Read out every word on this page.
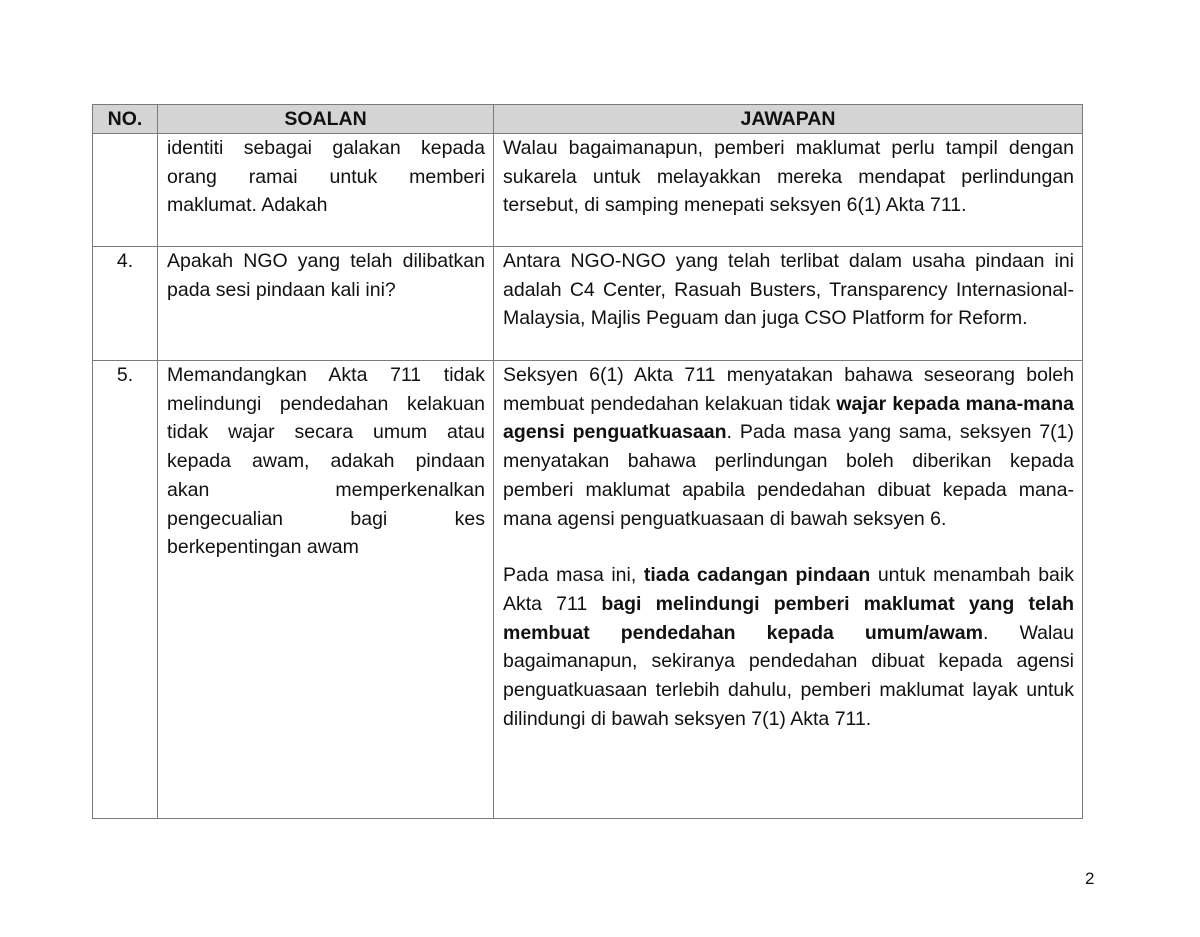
NO.	SOALAN	JAWAPAN
	identiti sebagai galakan kepada orang ramai untuk memberi maklumat. Adakah	Walau bagaimanapun, pemberi maklumat perlu tampil dengan sukarela untuk melayakkan mereka mendapat perlindungan tersebut, di samping menepati seksyen 6(1) Akta 711.

4.	Apakah NGO yang telah dilibatkan pada sesi pindaan kali ini?	Antara NGO-NGO yang telah terlibat dalam usaha pindaan ini adalah C4 Center, Rasuah Busters, Transparency Internasional-Malaysia, Majlis Peguam dan juga CSO Platform for Reform.

5.	Memandangkan Akta 711 tidak melindungi pendedahan kelakuan tidak wajar secara umum atau kepada awam, adakah pindaan akan memperkenalkan pengecualian bagi kes berkepentingan awam	Seksyen 6(1) Akta 711 menyatakan bahawa seseorang boleh membuat pendedahan kelakuan tidak wajar kepada mana-mana agensi penguatkuasaan. Pada masa yang sama, seksyen 7(1) menyatakan bahawa perlindungan boleh diberikan kepada pemberi maklumat apabila pendedahan dibuat kepada mana-mana agensi penguatkuasaan di bawah seksyen 6.

Pada masa ini, tiada cadangan pindaan untuk menambah baik Akta 711 bagi melindungi pemberi maklumat yang telah membuat pendedahan kepada umum/awam. Walau bagaimanapun, sekiranya pendedahan dibuat kepada agensi penguatkuasaan terlebih dahulu, pemberi maklumat layak untuk dilindungi di bawah seksyen 7(1) Akta 711.

2
